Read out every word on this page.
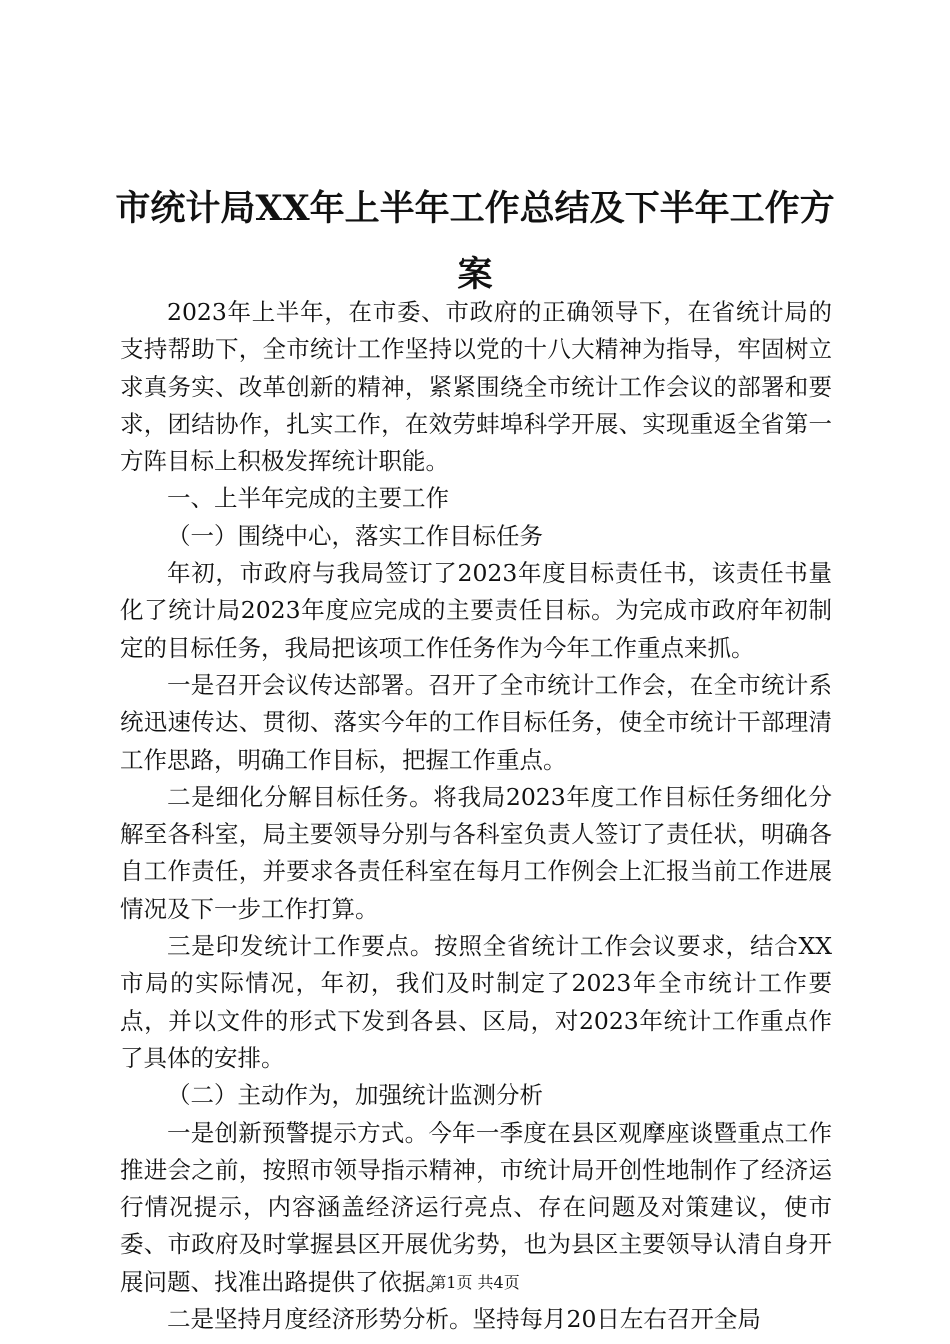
市统计局XX年上半年工作总结及下半年工作方案

2023年上半年，在市委、市政府的正确领导下，在省统计局的支持帮助下，全市统计工作坚持以党的十八大精神为指导，牢固树立求真务实、改革创新的精神，紧紧围绕全市统计工作会议的部署和要求，团结协作，扎实工作，在效劳蚌埠科学开展、实现重返全省第一方阵目标上积极发挥统计职能。

一、上半年完成的主要工作

（一）围绕中心，落实工作目标任务

年初，市政府与我局签订了2023年度目标责任书，该责任书量化了统计局2023年度应完成的主要责任目标。为完成市政府年初制定的目标任务，我局把该项工作任务作为今年工作重点来抓。

一是召开会议传达部署。召开了全市统计工作会，在全市统计系统迅速传达、贯彻、落实今年的工作目标任务，使全市统计干部理清工作思路，明确工作目标，把握工作重点。

二是细化分解目标任务。将我局2023年度工作目标任务细化分解至各科室，局主要领导分别与各科室负责人签订了责任状，明确各自工作责任，并要求各责任科室在每月工作例会上汇报当前工作进展情况及下一步工作打算。

三是印发统计工作要点。按照全省统计工作会议要求，结合XX市局的实际情况，年初，我们及时制定了2023年全市统计工作要点，并以文件的形式下发到各县、区局，对2023年统计工作重点作了具体的安排。

（二）主动作为，加强统计监测分析

一是创新预警提示方式。今年一季度在县区观摩座谈暨重点工作推进会之前，按照市领导指示精神，市统计局开创性地制作了经济运行情况提示，内容涵盖经济运行亮点、存在问题及对策建议，使市委、市政府及时掌握县区开展优劣势，也为县区主要领导认清自身开展问题、找准出路提供了依据。

二是坚持月度经济形势分析。坚持每月20日左右召开全局

第1页 共4页
